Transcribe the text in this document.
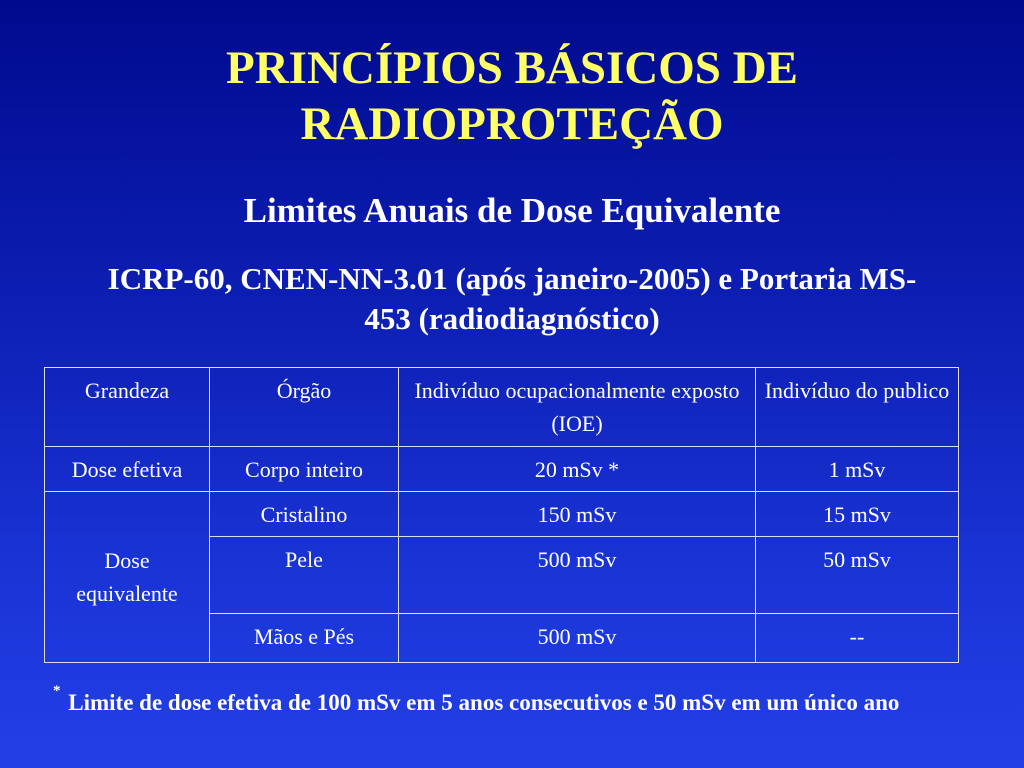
PRINCÍPIOS BÁSICOS DE
RADIOPROTEÇÃO
Limites Anuais de Dose Equivalente

ICRP-60, CNEN-NN-3.01 (após janeiro-2005) e Portaria MS-
453 (radiodiagnóstico)

Grandeza	Órgão	Indivíduo ocupacionalmente exposto (IOE)	Indivíduo do publico
Dose efetiva	Corpo inteiro	20 mSv *	1 mSv
Dose equivalente	Cristalino	150 mSv	15 mSv
	Pele	500 mSv	50 mSv
	Mãos e Pés	500 mSv	--

* Limite de dose efetiva de 100 mSv em 5 anos consecutivos e 50 mSv em um único ano
